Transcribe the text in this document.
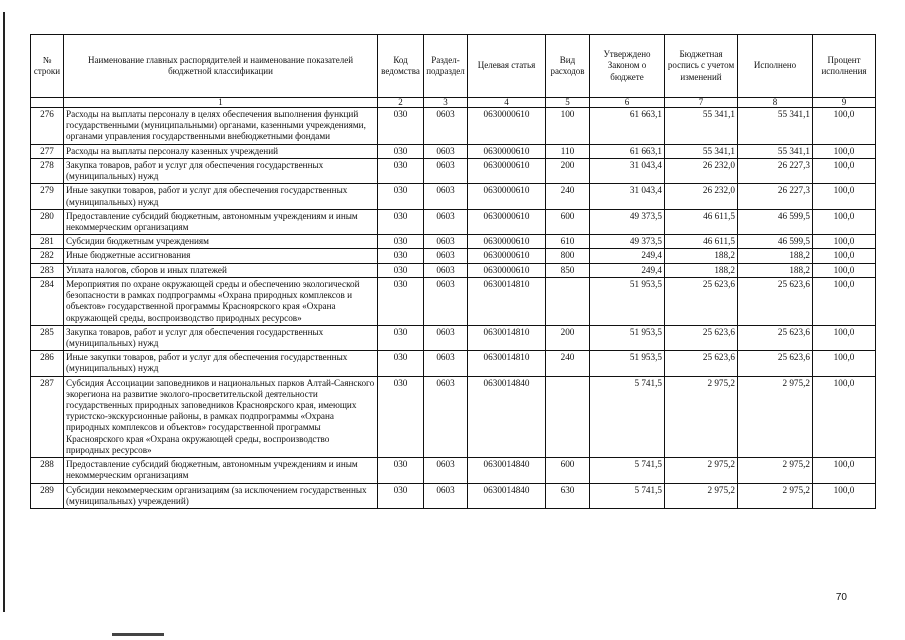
№ строки	Наименование главных распорядителей и наименование показателей бюджетной классификации	Код ведомства	Раздел-подраздел	Целевая статья	Вид расходов	Утверждено Законом о бюджете	Бюджетная роспись с учетом изменений	Исполнено	Процент исполнения
	1	2	3	4	5	6	7	8	9
276	Расходы на выплаты персоналу в целях обеспечения выполнения функций государственными (муниципальными) органами, казенными учреждениями, органами управления государственными внебюджетными фондами	030	0603	0630000610	100	61 663,1	55 341,1	55 341,1	100,0
277	Расходы на выплаты персоналу казенных учреждений	030	0603	0630000610	110	61 663,1	55 341,1	55 341,1	100,0
278	Закупка товаров, работ и услуг для обеспечения государственных (муниципальных) нужд	030	0603	0630000610	200	31 043,4	26 232,0	26 227,3	100,0
279	Иные закупки товаров, работ и услуг для обеспечения государственных (муниципальных) нужд	030	0603	0630000610	240	31 043,4	26 232,0	26 227,3	100,0
280	Предоставление субсидий бюджетным, автономным учреждениям и иным некоммерческим организациям	030	0603	0630000610	600	49 373,5	46 611,5	46 599,5	100,0
281	Субсидии бюджетным учреждениям	030	0603	0630000610	610	49 373,5	46 611,5	46 599,5	100,0
282	Иные бюджетные ассигнования	030	0603	0630000610	800	249,4	188,2	188,2	100,0
283	Уплата налогов, сборов и иных платежей	030	0603	0630000610	850	249,4	188,2	188,2	100,0
284	Мероприятия по охране окружающей среды и обеспечению экологической безопасности в рамках подпрограммы «Охрана природных комплексов и объектов» государственной программы Красноярского края «Охрана окружающей среды, воспроизводство природных ресурсов»	030	0603	0630014810		51 953,5	25 623,6	25 623,6	100,0
285	Закупка товаров, работ и услуг для обеспечения государственных (муниципальных) нужд	030	0603	0630014810	200	51 953,5	25 623,6	25 623,6	100,0
286	Иные закупки товаров, работ и услуг для обеспечения государственных (муниципальных) нужд	030	0603	0630014810	240	51 953,5	25 623,6	25 623,6	100,0
287	Субсидия Ассоциации заповедников и национальных парков Алтай-Саянского экорегиона на развитие эколого-просветительской деятельности государственных природных заповедников Красноярского края, имеющих туристско-экскурсионные районы, в рамках подпрограммы «Охрана природных комплексов и объектов» государственной программы Красноярского края «Охрана окружающей среды, воспроизводство природных ресурсов»	030	0603	0630014840		5 741,5	2 975,2	2 975,2	100,0
288	Предоставление субсидий бюджетным, автономным учреждениям и иным некоммерческим организациям	030	0603	0630014840	600	5 741,5	2 975,2	2 975,2	100,0
289	Субсидии некоммерческим организациям (за исключением государственных (муниципальных) учреждений)	030	0603	0630014840	630	5 741,5	2 975,2	2 975,2	100,0
70
